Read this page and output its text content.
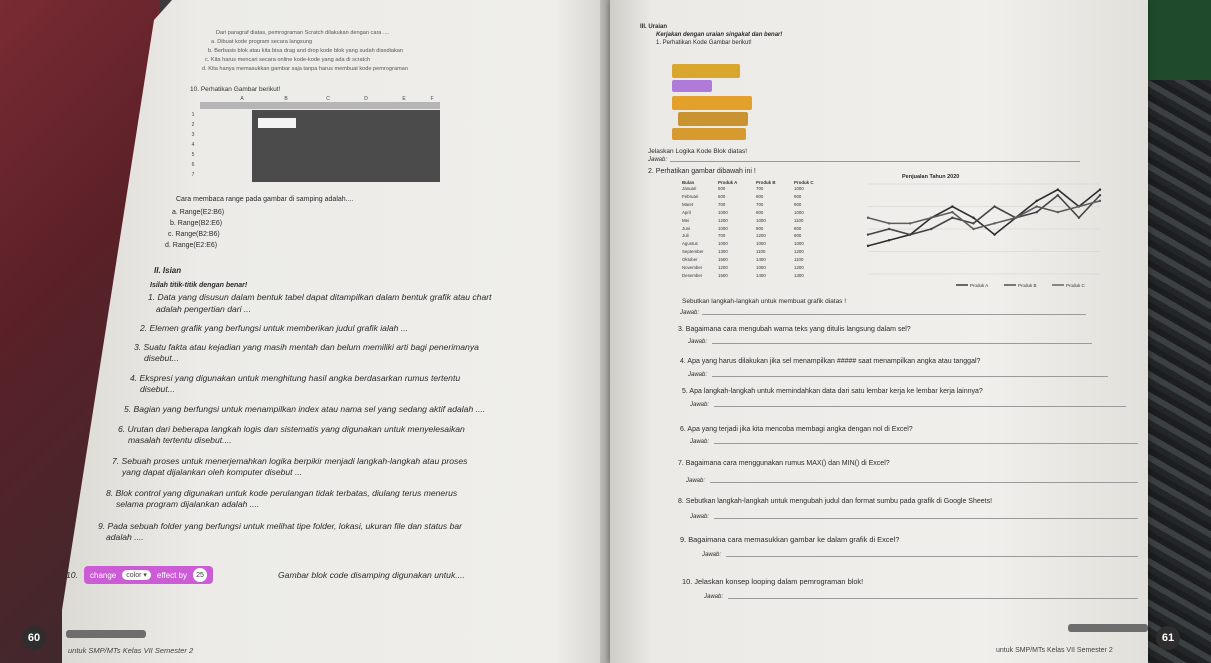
Dari paragraf diatas, pemrograman Scratch dilakukan dengan cara ....
a. Dibuat kode program secara langsung
b. Berbasis blok atau kita bisa drag and drop kode blok yang sudah disediakan
c. Kita harus mencari secara online kode-kode yang ada di scratch
d. Kita hanya memasukkan gambar saja tanpa harus membuat kode pemrograman
10. Perhatikan Gambar berikut!
A	B	C	D	E	F
1
2
3
4
5
6
7
Cara membaca range pada gambar di samping adalah....
a. Range(E2:B6)
b. Range(B2:E6)
c. Range(B2:B6)
d. Range(E2:E6)
II. Isian
Isilah titik-titik dengan benar!
1. Data yang disusun dalam bentuk tabel dapat ditampilkan dalam bentuk grafik atau chart
adalah pengertian dari ...
2. Elemen grafik yang berfungsi untuk memberikan judul grafik ialah ...
3. Suatu fakta atau kejadian yang masih mentah dan belum memiliki arti bagi penerimanya
disebut...
4. Ekspresi yang digunakan untuk menghitung hasil angka berdasarkan rumus tertentu
disebut...
5. Bagian yang berfungsi untuk menampilkan index atau nama sel yang sedang aktif adalah ....
6. Urutan dari beberapa langkah logis dan sistematis yang digunakan untuk menyelesaikan
masalah tertentu disebut....
7. Sebuah proses untuk menerjemahkan logika berpikir menjadi langkah-langkah atau proses
yang dapat dijalankan oleh komputer disebut ...
8. Blok control yang digunakan untuk kode perulangan tidak terbatas, diulang terus menerus
selama program dijalankan adalah ....
9. Pada sebuah folder yang berfungsi untuk melihat tipe folder, lokasi, ukuran file dan status bar
adalah ....
10. change	color ▾	effect by	25	Gambar blok code disamping digunakan untuk....
60
untuk SMP/MTs Kelas VII Semester 2
III. Uraian
Kerjakan dengan uraian singakat dan benar!
1. Perhatikan Kode Gambar berikut!
Jelaskan Logika Kode Blok diatas!
Jawab:
2. Perhatikan gambar dibawah ini !
Bulan	Produk A	Produk B	Produk C
Januari	500	700	1000
Februari	600	800	900
Maret	700	700	900
April	1000	800	1000
Mei	1200	1000	1100
Juni	1000	900	800
Juli	700	1200	900
Agustus	1000	1000	1000
September	1300	1100	1200
Oktober	1500	1400	1100
November	1200	1000	1200
Desember	1500	1400	1300
Penjualan Tahun 2020
Produk A	Produk B	Produk C
Sebutkan langkah-langkah untuk membuat grafik diatas !
Jawab:
3. Bagaimana cara mengubah warna teks yang ditulis langsung dalam sel?
Jawab:
4. Apa yang harus dilakukan jika sel menampilkan ##### saat menampilkan angka atau tanggal?
Jawab:
5. Apa langkah-langkah untuk memindahkan data dari satu lembar kerja ke lembar kerja lainnya?
Jawab:
6. Apa yang terjadi jika kita mencoba membagi angka dengan nol di Excel?
Jawab:
7. Bagaimana cara menggunakan rumus MAX() dan MIN() di Excel?
Jawab:
8. Sebutkan langkah-langkah untuk mengubah judul dan format sumbu pada grafik di Google Sheets!
Jawab:
9. Bagaimana cara memasukkan gambar ke dalam grafik di Excel?
Jawab:
10. Jelaskan konsep looping dalam pemrograman blok!
Jawab:
61
untuk SMP/MTs Kelas VII Semester 2
